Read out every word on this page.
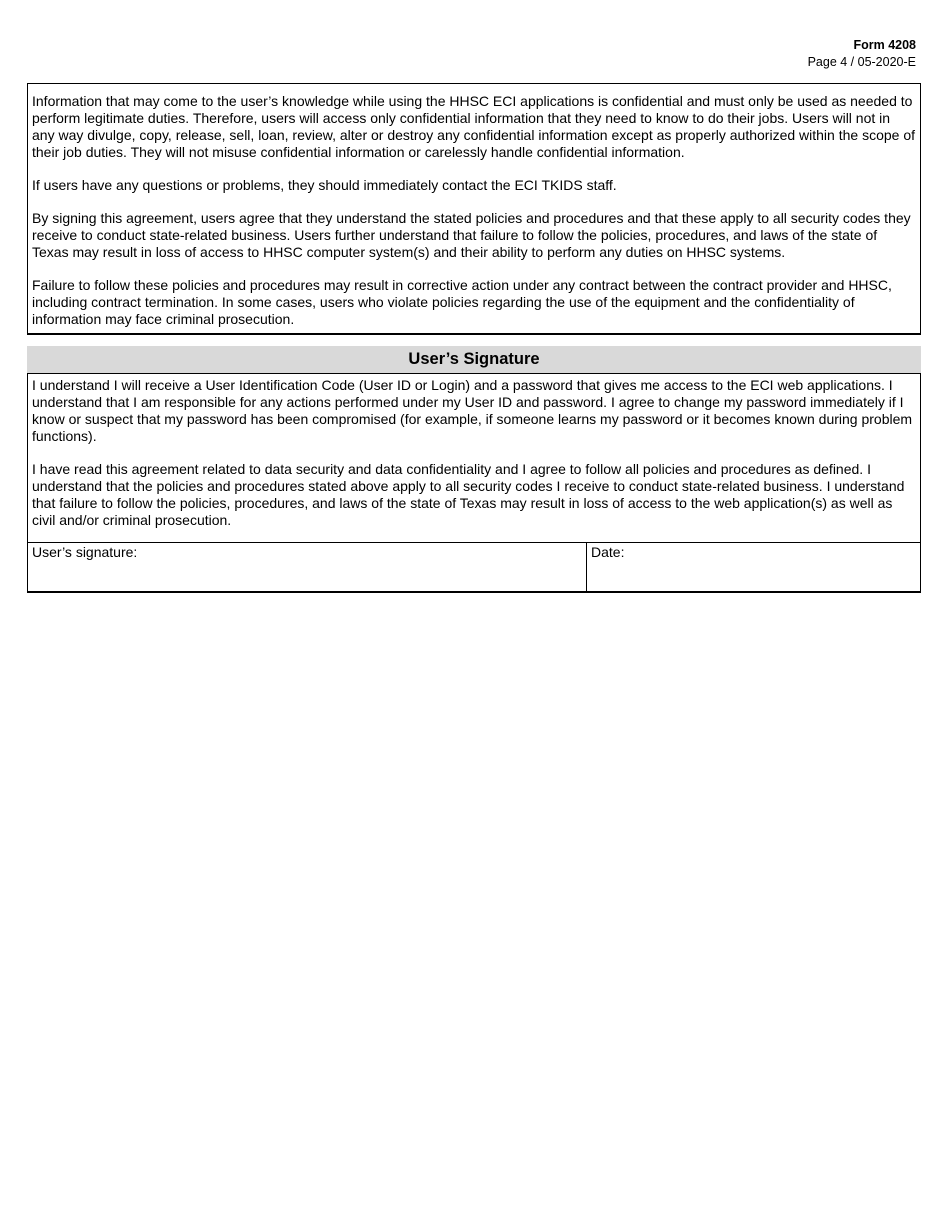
Form 4208
Page 4 / 05-2020-E

Information that may come to the user’s knowledge while using the HHSC ECI applications is confidential and must only be used as needed to perform legitimate duties. Therefore, users will access only confidential information that they need to know to do their jobs. Users will not in any way divulge, copy, release, sell, loan, review, alter or destroy any confidential information except as properly authorized within the scope of their job duties. They will not misuse confidential information or carelessly handle confidential information.

If users have any questions or problems, they should immediately contact the ECI TKIDS staff.

By signing this agreement, users agree that they understand the stated policies and procedures and that these apply to all security codes they receive to conduct state-related business. Users further understand that failure to follow the policies, procedures, and laws of the state of Texas may result in loss of access to HHSC computer system(s) and their ability to perform any duties on HHSC systems.

Failure to follow these policies and procedures may result in corrective action under any contract between the contract provider and HHSC, including contract termination. In some cases, users who violate policies regarding the use of the equipment and the confidentiality of information may face criminal prosecution.

User’s Signature

I understand I will receive a User Identification Code (User ID or Login) and a password that gives me access to the ECI web applications. I understand that I am responsible for any actions performed under my User ID and password. I agree to change my password immediately if I know or suspect that my password has been compromised (for example, if someone learns my password or it becomes known during problem functions).

I have read this agreement related to data security and data confidentiality and I agree to follow all policies and procedures as defined. I understand that the policies and procedures stated above apply to all security codes I receive to conduct state-related business. I understand that failure to follow the policies, procedures, and laws of the state of Texas may result in loss of access to the web application(s) as well as civil and/or criminal prosecution.

User’s signature:	Date:
